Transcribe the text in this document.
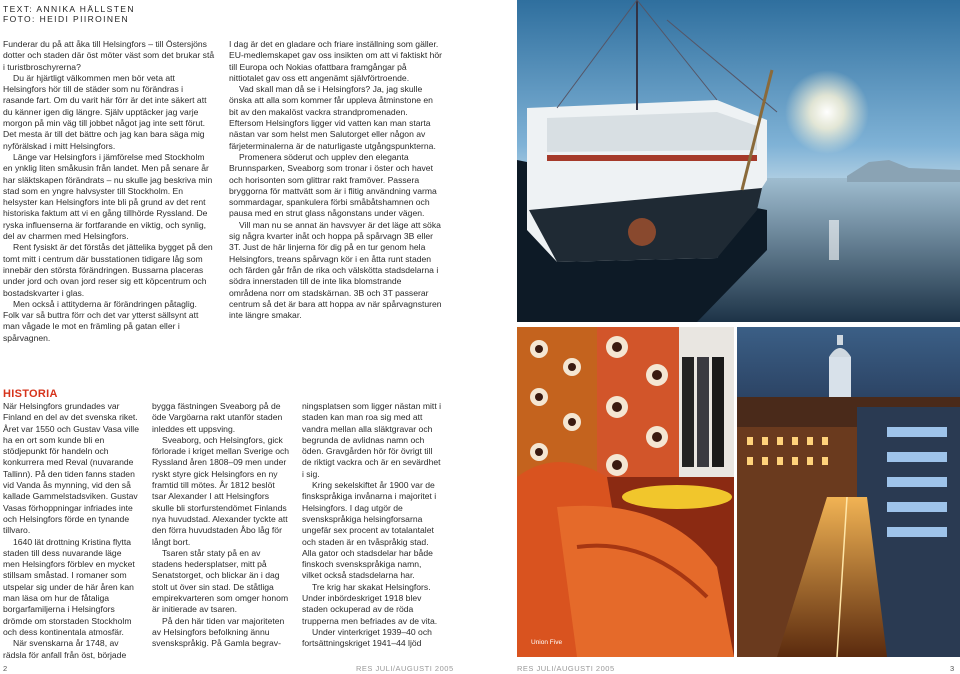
TEXT: ANNIKA HÄLLSTEN
FOTO: HEIDI PIIROINEN

Funderar du på att åka till Helsingfors – till Östersjöns dotter och staden där öst möter väst som det brukar stå i turistbroschyrerna?

Du är hjärtligt välkommen men bör veta att Helsingfors hör till de städer som nu förändras i rasande fart. Om du varit här förr är det inte säkert att du känner igen dig längre. Själv upptäcker jag varje morgon på min väg till jobbet något jag inte sett förut. Det mesta är till det bättre och jag kan bara säga mig nyförälskad i mitt Helsingfors.

Länge var Helsingfors i jämförelse med Stockholm en ynklig liten småkusin från landet. Men på senare år har släktskapen förändrats – nu skulle jag beskriva min stad som en yngre halvsyster till Stockholm. En helsyster kan Helsingfors inte bli på grund av det rent historiska faktum att vi en gång tillhörde Ryssland. De ryska influenserna är fortfarande en viktig, och synlig, del av charmen med Helsingfors.

Rent fysiskt är det förstås det jättelika bygget på den tomt mitt i centrum där busstationen tidigare låg som innebär den största förändringen. Bussarna placeras under jord och ovan jord reser sig ett köpcentrum och bostadskvarter i glas.

Men också i attityderna är förändringen påtaglig. Folk var så buttra förr och det var ytterst sällsynt att man vågade le mot en främling på gatan eller i spårvagnen.

I dag är det en gladare och friare inställning som gäller. EU-medlemskapet gav oss insikten om att vi faktiskt hör till Europa och Nokias ofattbara framgångar på nittiotalet gav oss ett angenämt självförtroende.

Vad skall man då se i Helsingfors? Ja, jag skulle önska att alla som kommer får uppleva åtminstone en bit av den makalöst vackra strandpromenaden. Eftersom Helsingfors ligger vid vatten kan man starta nästan var som helst men Salutorget eller någon av färjeterminalerna är de naturligaste utgångspunkterna.

Promenera söderut och upplev den eleganta Brunnsparken, Sveaborg som tronar i öster och havet och horisonten som glittrar rakt framöver. Passera bryggorna för mattvätt som är i flitig användning varma sommardagar, spankulera förbi småbåtshamnen och pausa med en strut glass någonstans under vägen.

Vill man nu se annat än havsvyer är det läge att söka sig några kvarter inåt och hoppa på spårvagn 3B eller 3T. Just de här linjerna för dig på en tur genom hela Helsingfors, treans spårvagn kör i en åtta runt staden och färden går från de rika och välskötta stadsdelarna i södra innerstaden till de inte lika blomstrande områdena norr om stadskärnan. 3B och 3T passerar centrum så det är bara att hoppa av när spårvagnsturen inte längre smakar.

HISTORIA

När Helsingfors grundades var Finland en del av det svenska riket. Året var 1550 och Gustav Vasa ville ha en ort som kunde bli en stödjepunkt för handeln och konkurrera med Reval (nuvarande Tallinn). På den tiden fanns staden vid Vanda ås mynning, vid den så kallade Gammelstadsviken. Gustav Vasas förhoppningar infriades inte och Helsingfors förde en tynande tillvaro.

1640 lät drottning Kristina flytta staden till dess nuvarande läge men Helsingfors förblev en mycket stillsam småstad. I romaner som utspelar sig under de här åren kan man läsa om hur de fåtaliga borgarfamiljerna i Helsingfors drömde om storstaden Stockholm och dess kontinentala atmosfär.

När svenskarna år 1748, av rädsla för anfall från öst, började

bygga fästningen Sveaborg på de öde Vargöarna rakt utanför staden inleddes ett uppsving.

Sveaborg, och Helsingfors, gick förlorade i kriget mellan Sverige och Ryssland åren 1808–09 men under ryskt styre gick Helsingfors en ny framtid till mötes. År 1812 beslöt tsar Alexander I att Helsingfors skulle bli storfurstendömet Finlands nya huvudstad. Alexander tyckte att den förra huvudstaden Åbo låg för långt bort.

Tsaren står staty på en av stadens hedersplatser, mitt på Senatstorget, och blickar än i dag stolt ut över sin stad. De ståtliga empirekvarteren som omger honom är initierade av tsaren.

På den här tiden var majoriteten av Helsingfors befolkning ännu svenskspråkig. På Gamla begrav-

ningsplatsen som ligger nästan mitt i staden kan man roa sig med att vandra mellan alla släktgravar och begrunda de avlidnas namn och öden. Gravgården hör för övrigt till de riktigt vackra och är en sevärdhet i sig.

Kring sekelskiftet år 1900 var de finskspråkiga invånarna i majoritet i Helsingfors. I dag utgör de svenskspråkiga helsingforsarna ungefär sex procent av totalantalet och staden är en tvåspråkig stad. Alla gator och stadsdelar har både finskoch svenskspråkiga namn, vilket också stadsdelarna har.

Tre krig har skakat Helsingfors. Under inbördeskriget 1918 blev staden ockuperad av de röda trupperna men befriades av de vita.

Under vinterkriget 1939–40 och fortsättningskriget 1941–44 ljöd	Union Five
2	RES JULI/AUGUSTI 2005	RES JULI/AUGUSTI 2005	3
